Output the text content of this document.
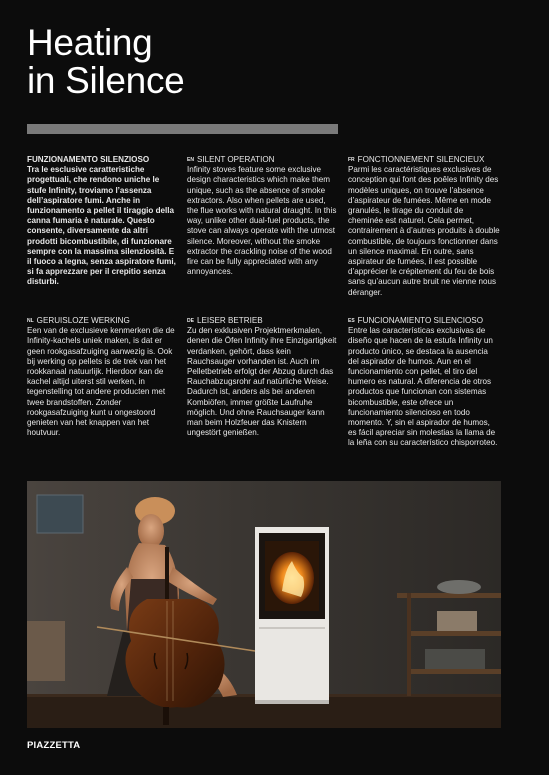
Heating
in Silence
FUNZIONAMENTO SILENZIOSO
Tra le esclusive caratteristiche progettuali, che rendono uniche le stufe Infinity, troviamo l’assenza dell’aspiratore fumi. Anche in funzionamento a pellet il tiraggio della canna fumaria è naturale. Questo consente, diversamente da altri prodotti bicombustibile, di funzionare sempre con la massima silenziosità. E il fuoco a legna, senza aspiratore fumi, si fa apprezzare per il crepitio senza disturbi.
EN SILENT OPERATION
Infinity stoves feature some exclusive design characteristics which make them unique, such as the absence of smoke extractors. Also when pellets are used, the flue works with natural draught. In this way, unlike other dual-fuel products, the stove can always operate with the utmost silence. Moreover, without the smoke extractor the crackling noise of the wood fire can be fully appreciated with any annoyances.
FR FONCTIONNEMENT SILENCIEUX
Parmi les caractéristiques exclusives de conception qui font des poêles Infinity des modèles uniques, on trouve l’absence d’aspirateur de fumées. Même en mode granulés, le tirage du conduit de cheminée est naturel. Cela permet, contrairement à d’autres produits à double combustible, de toujours fonctionner dans un silence maximal. En outre, sans aspirateur de fumées, il est possible d’apprécier le crépitement du feu de bois sans qu’aucun autre bruit ne vienne nous déranger.
NL GERUISLOZE WERKING
Een van de exclusieve kenmerken die de Infinity-kachels uniek maken, is dat er geen rookgasafzuiging aanwezig is. Ook bij werking op pellets is de trek van het rookkanaal natuurlijk. Hierdoor kan de kachel altijd uiterst stil werken, in tegenstelling tot andere producten met twee brandstoffen. Zonder rookgasafzuiging kunt u ongestoord genieten van het knappen van het houtvuur.
DE LEISER BETRIEB
Zu den exklusiven Projektmerkmalen, denen die Öfen Infinity ihre Einzigartigkeit verdanken, gehört, dass kein Rauchsauger vorhanden ist. Auch im Pelletbetrieb erfolgt der Abzug durch das Rauchabzugsrohr auf natürliche Weise. Dadurch ist, anders als bei anderen Kombiöfen, immer größte Laufruhe möglich. Und ohne Rauchsauger kann man beim Holzfeuer das Knistern ungestört genießen.
ES FUNCIONAMIENTO SILENCIOSO
Entre las características exclusivas de diseño que hacen de la estufa Infinity un producto único, se destaca la ausencia del aspirador de humos. Aun en el funcionamiento con pellet, el tiro del humero es natural. A diferencia de otros productos que funcionan con sistemas bicombustible, este ofrece un funcionamiento silencioso en todo momento. Y, sin el aspirador de humos, es fácil apreciar sin molestias la llama de la leña con su característico chisporroteo.
PIAZZETTA
